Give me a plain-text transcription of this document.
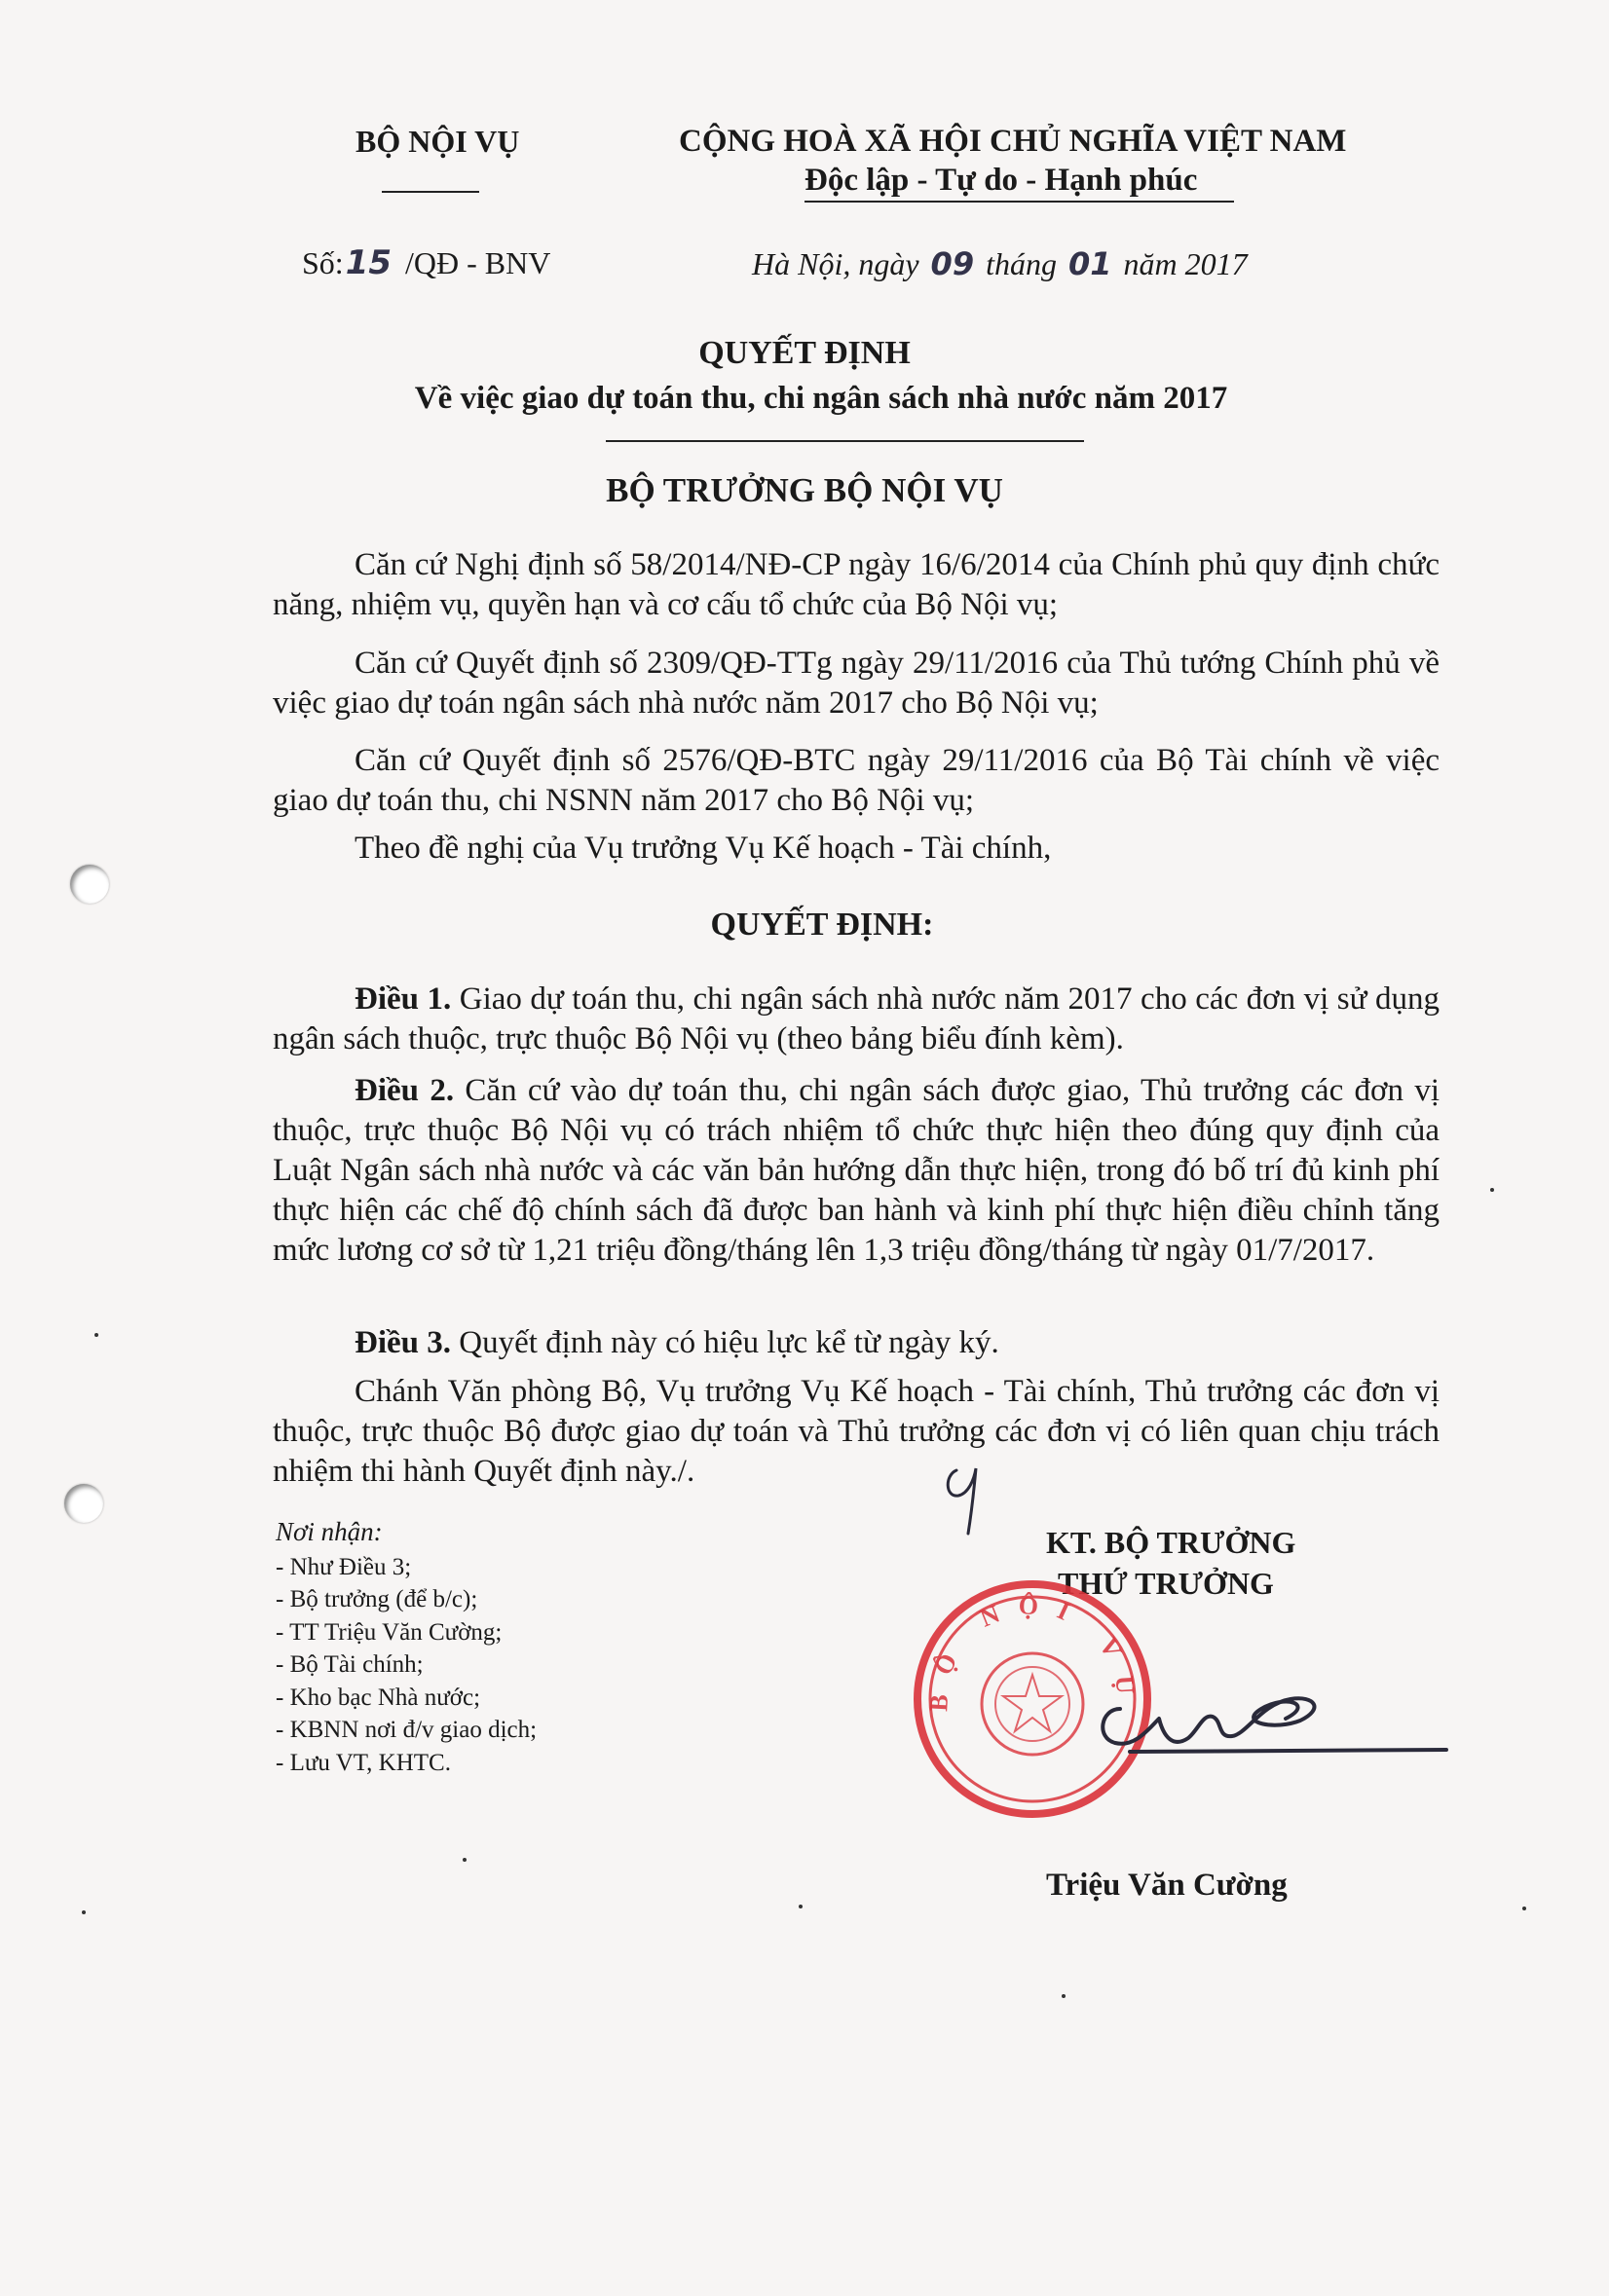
BỘ NỘI VỤ	CỘNG HOÀ XÃ HỘI CHỦ NGHĨA VIỆT NAM
Độc lập - Tự do - Hạnh phúc
Số:15 /QĐ - BNV	Hà Nội, ngày 09 tháng 01 năm 2017
QUYẾT ĐỊNH
Về việc giao dự toán thu, chi ngân sách nhà nước năm 2017
BỘ TRƯỞNG BỘ NỘI VỤ
Căn cứ Nghị định số 58/2014/NĐ-CP ngày 16/6/2014 của Chính phủ quy định chức năng, nhiệm vụ, quyền hạn và cơ cấu tổ chức của Bộ Nội vụ;
Căn cứ Quyết định số 2309/QĐ-TTg ngày 29/11/2016 của Thủ tướng Chính phủ về việc giao dự toán ngân sách nhà nước năm 2017 cho Bộ Nội vụ;
Căn cứ Quyết định số 2576/QĐ-BTC ngày 29/11/2016 của Bộ Tài chính về việc giao dự toán thu, chi NSNN năm 2017 cho Bộ Nội vụ;
Theo đề nghị của Vụ trưởng Vụ Kế hoạch - Tài chính,
QUYẾT ĐỊNH:
Điều 1. Giao dự toán thu, chi ngân sách nhà nước năm 2017 cho các đơn vị sử dụng ngân sách thuộc, trực thuộc Bộ Nội vụ (theo bảng biểu đính kèm).
Điều 2. Căn cứ vào dự toán thu, chi ngân sách được giao, Thủ trưởng các đơn vị thuộc, trực thuộc Bộ Nội vụ có trách nhiệm tổ chức thực hiện theo đúng quy định của Luật Ngân sách nhà nước và các văn bản hướng dẫn thực hiện, trong đó bố trí đủ kinh phí thực hiện các chế độ chính sách đã được ban hành và kinh phí thực hiện điều chỉnh tăng mức lương cơ sở từ 1,21 triệu đồng/tháng lên 1,3 triệu đồng/tháng từ ngày 01/7/2017.
Điều 3. Quyết định này có hiệu lực kể từ ngày ký.
Chánh Văn phòng Bộ, Vụ trưởng Vụ Kế hoạch - Tài chính, Thủ trưởng các đơn vị thuộc, trực thuộc Bộ được giao dự toán và Thủ trưởng các đơn vị có liên quan chịu trách nhiệm thi hành Quyết định này./.
Nơi nhận:
- Như Điều 3;
- Bộ trưởng (để b/c);
- TT Triệu Văn Cường;
- Bộ Tài chính;
- Kho bạc Nhà nước;
- KBNN nơi đ/v giao dịch;
- Lưu VT, KHTC.
KT. BỘ TRƯỞNG
THỨ TRƯỞNG
BỘ NỘI VỤ
Triệu Văn Cường
